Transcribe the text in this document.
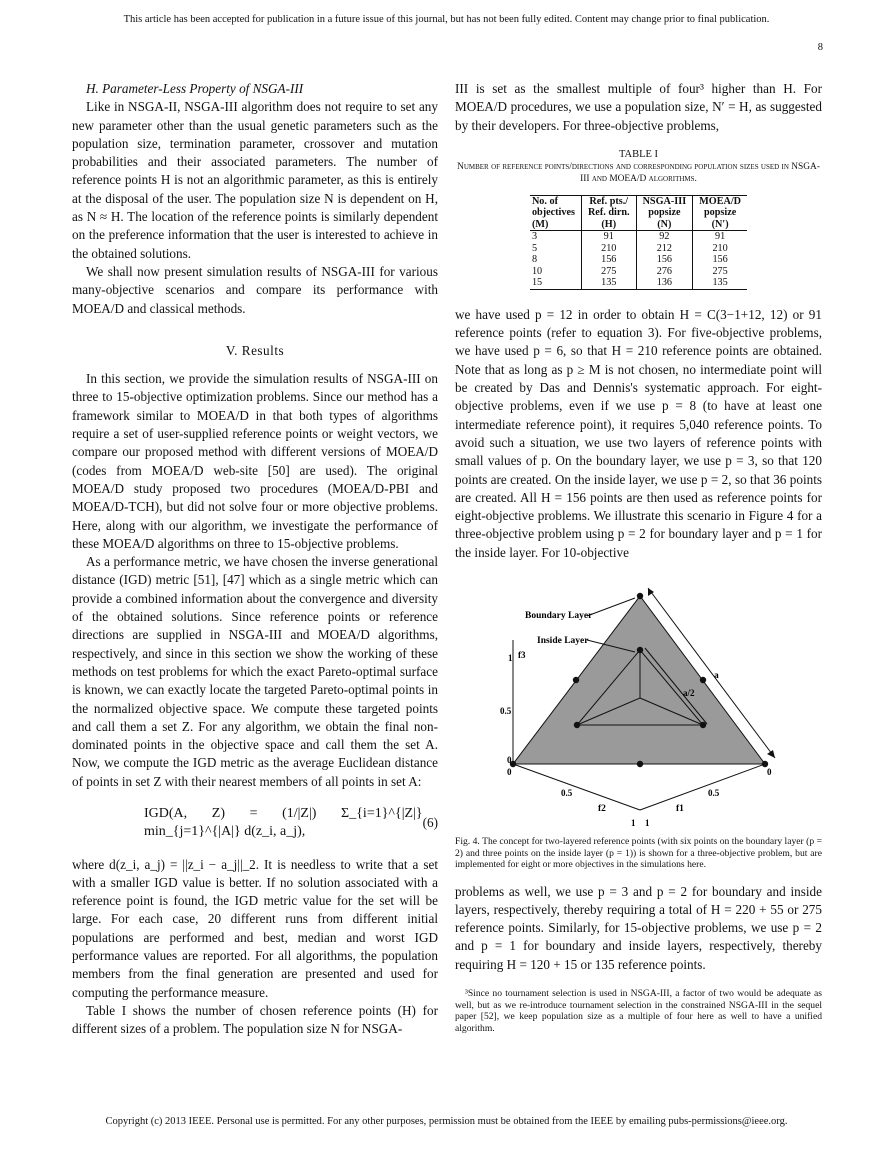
This article has been accepted for publication in a future issue of this journal, but has not been fully edited. Content may change prior to final publication.
8

H. Parameter-Less Property of NSGA-III

Like in NSGA-II, NSGA-III algorithm does not require to set any new parameter other than the usual genetic parameters such as the population size, termination parameter, crossover and mutation probabilities and their associated parameters. The number of reference points H is not an algorithmic parameter, as this is entirely at the disposal of the user. The population size N is dependent on H, as N ≈ H. The location of the reference points is similarly dependent on the preference information that the user is interested to achieve in the obtained solutions.

We shall now present simulation results of NSGA-III for various many-objective scenarios and compare its performance with MOEA/D and classical methods.

V. Results

In this section, we provide the simulation results of NSGA-III on three to 15-objective optimization problems. Since our method has a framework similar to MOEA/D in that both types of algorithms require a set of user-supplied reference points or weight vectors, we compare our proposed method with different versions of MOEA/D (codes from MOEA/D web-site [50] are used). The original MOEA/D study proposed two procedures (MOEA/D-PBI and MOEA/D-TCH), but did not solve four or more objective problems. Here, along with our algorithm, we investigate the performance of these MOEA/D algorithms on three to 15-objective problems.

As a performance metric, we have chosen the inverse generational distance (IGD) metric [51], [47] which as a single metric which can provide a combined information about the convergence and diversity of the obtained solutions. Since reference points or reference directions are supplied in NSGA-III and MOEA/D algorithms, respectively, and since in this section we show the working of these methods on test problems for which the exact Pareto-optimal surface is known, we can exactly locate the targeted Pareto-optimal points in the normalized objective space. We compute these targeted points and call them a set Z. For any algorithm, we obtain the final non-dominated points in the objective space and call them the set A. Now, we compute the IGD metric as the average Euclidean distance of points in set Z with their nearest members of all points in set A:

IGD(A, Z) = (1/|Z|) Σ_{i=1}^{|Z|} min_{j=1}^{|A|} d(z_i, a_j),
(6)

where d(z_i, a_j) = ||z_i − a_j||_2. It is needless to write that a set with a smaller IGD value is better. If no solution associated with a reference point is found, the IGD metric value for the set will be large. For each case, 20 different runs from different initial populations are performed and best, median and worst IGD performance values are reported. For all algorithms, the population members from the final generation are presented and used for computing the performance measure.

Table I shows the number of chosen reference points (H) for different sizes of a problem. The population size N for NSGA-

III is set as the smallest multiple of four³ higher than H. For MOEA/D procedures, we use a population size, N′ = H, as suggested by their developers. For three-objective problems,

TABLE I
Number of reference points/directions and corresponding population sizes used in NSGA-III and MOEA/D algorithms.
No. of	Ref. pts./	NSGA-III	MOEA/D
objectives	Ref. dirn.	popsize	popsize
(M)	(H)	(N)	(N′)
3	91	92	91
5	210	212	210
8	156	156	156
10	275	276	275
15	135	136	135

we have used p = 12 in order to obtain H = C(3−1+12, 12) or 91 reference points (refer to equation 3). For five-objective problems, we have used p = 6, so that H = 210 reference points are obtained. Note that as long as p ≥ M is not chosen, no intermediate point will be created by Das and Dennis's systematic approach. For eight-objective problems, even if we use p = 8 (to have at least one intermediate reference point), it requires 5,040 reference points. To avoid such a situation, we use two layers of reference points with small values of p. On the boundary layer, we use p = 3, so that 120 points are created. On the inside layer, we use p = 2, so that 36 points are created. All H = 156 points are then used as reference points for eight-objective problems. We illustrate this scenario in Figure 4 for a three-objective problem using p = 2 for boundary layer and p = 1 for the inside layer. For 10-objective

Boundary Layer
Inside Layer
a
a/2
1 f3
0.5
0
0	0
0.5	0.5
f2	f1
1 1
Fig. 4. The concept for two-layered reference points (with six points on the boundary layer (p = 2) and three points on the inside layer (p = 1)) is shown for a three-objective problem, but are implemented for eight or more objectives in the simulations here.

problems as well, we use p = 3 and p = 2 for boundary and inside layers, respectively, thereby requiring a total of H = 220 + 55 or 275 reference points. Similarly, for 15-objective problems, we use p = 2 and p = 1 for boundary and inside layers, respectively, thereby requiring H = 120 + 15 or 135 reference points.

³Since no tournament selection is used in NSGA-III, a factor of two would be adequate as well, but as we re-introduce tournament selection in the constrained NSGA-III in the sequel paper [52], we keep population size as a multiple of four here as well to have a unified algorithm.
Copyright (c) 2013 IEEE. Personal use is permitted. For any other purposes, permission must be obtained from the IEEE by emailing pubs-permissions@ieee.org.
